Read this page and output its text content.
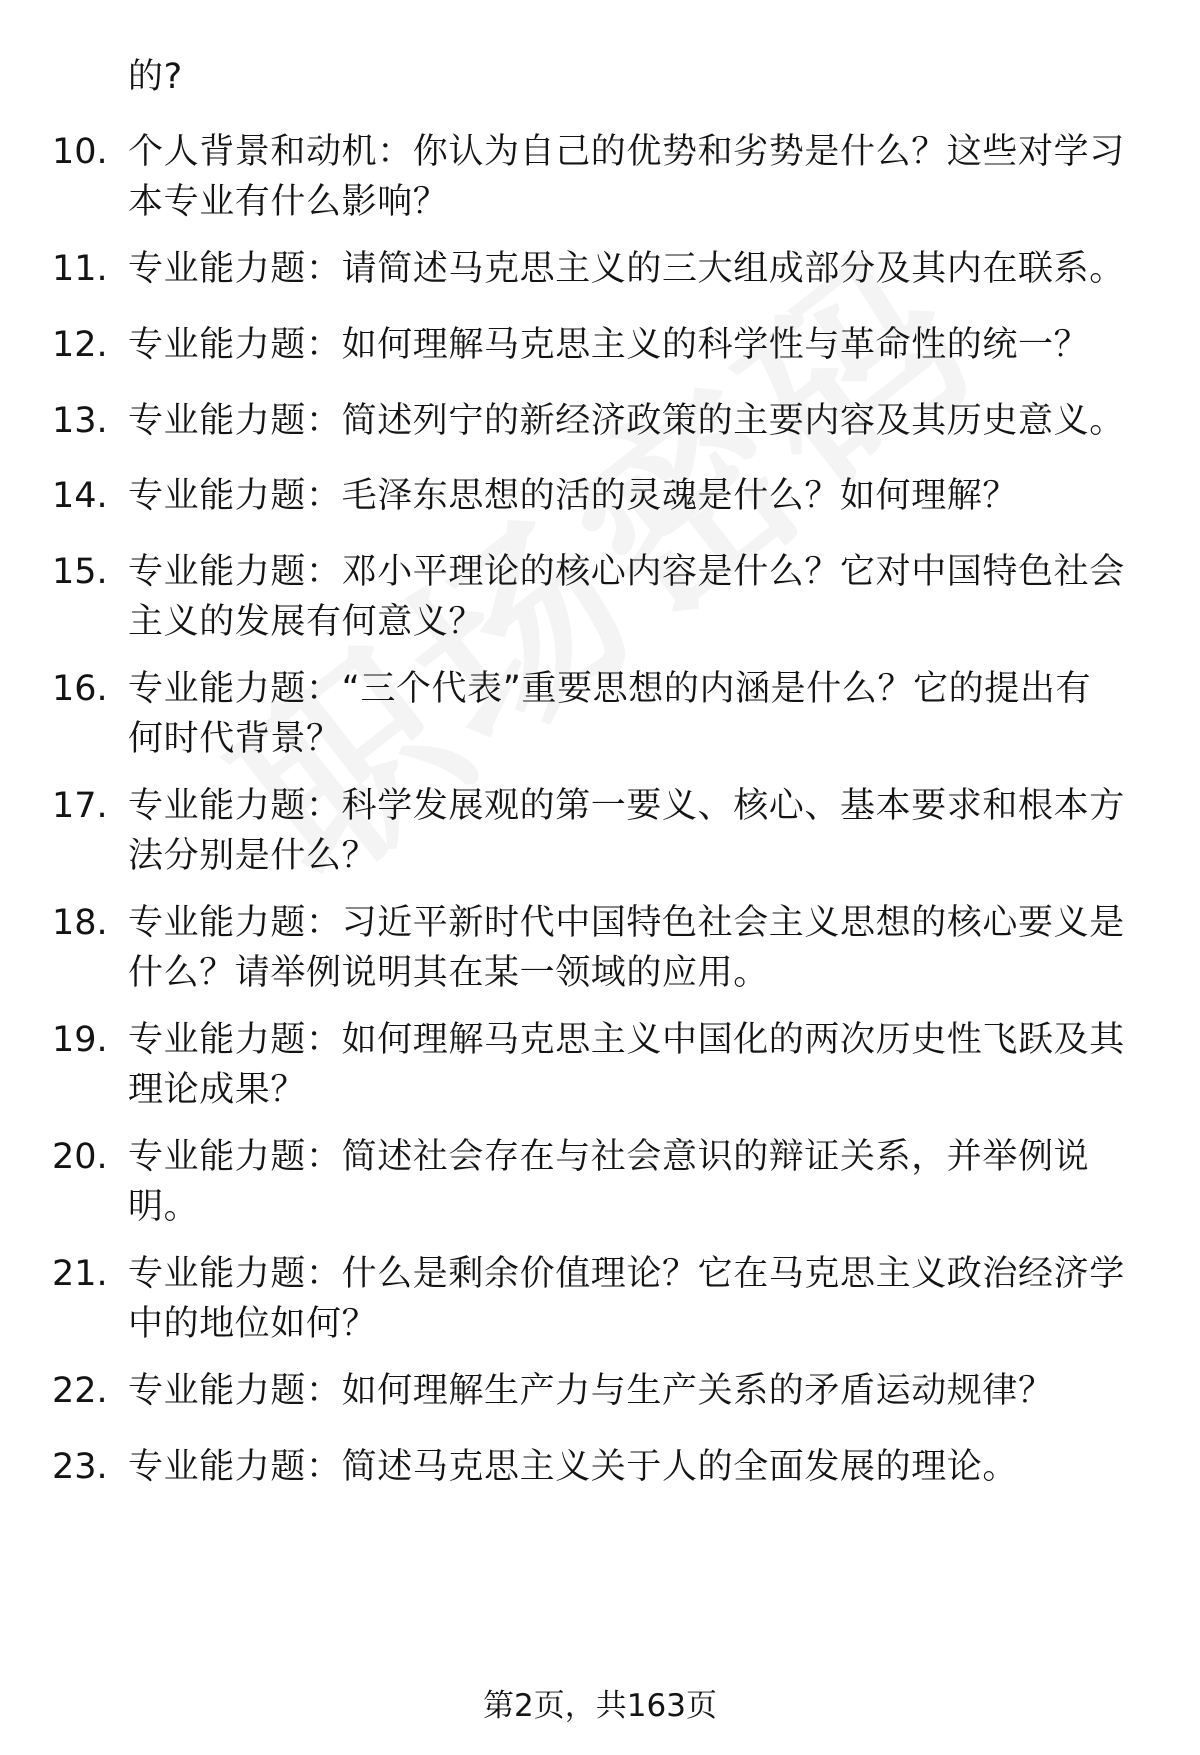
的?
10. 个人背景和动机：你认为自己的优势和劣势是什么？这些对学习
本专业有什么影响？
11. 专业能力题：请简述马克思主义的三大组成部分及其内在联系。
12. 专业能力题：如何理解马克思主义的科学性与革命性的统一？
13. 专业能力题：简述列宁的新经济政策的主要内容及其历史意义。
14. 专业能力题：毛泽东思想的活的灵魂是什么？如何理解？
15. 专业能力题：邓小平理论的核心内容是什么？它对中国特色社会
主义的发展有何意义？
16. 专业能力题：“三个代表”重要思想的内涵是什么？它的提出有
何时代背景？
17. 专业能力题：科学发展观的第一要义、核心、基本要求和根本方
法分别是什么？
18. 专业能力题：习近平新时代中国特色社会主义思想的核心要义是
什么？请举例说明其在某一领域的应用。
19. 专业能力题：如何理解马克思主义中国化的两次历史性飞跃及其
理论成果？
20. 专业能力题：简述社会存在与社会意识的辩证关系，并举例说
明。
21. 专业能力题：什么是剩余价值理论？它在马克思主义政治经济学
中的地位如何？
22. 专业能力题：如何理解生产力与生产关系的矛盾运动规律？
23. 专业能力题：简述马克思主义关于人的全面发展的理论。
第2页，共163页
